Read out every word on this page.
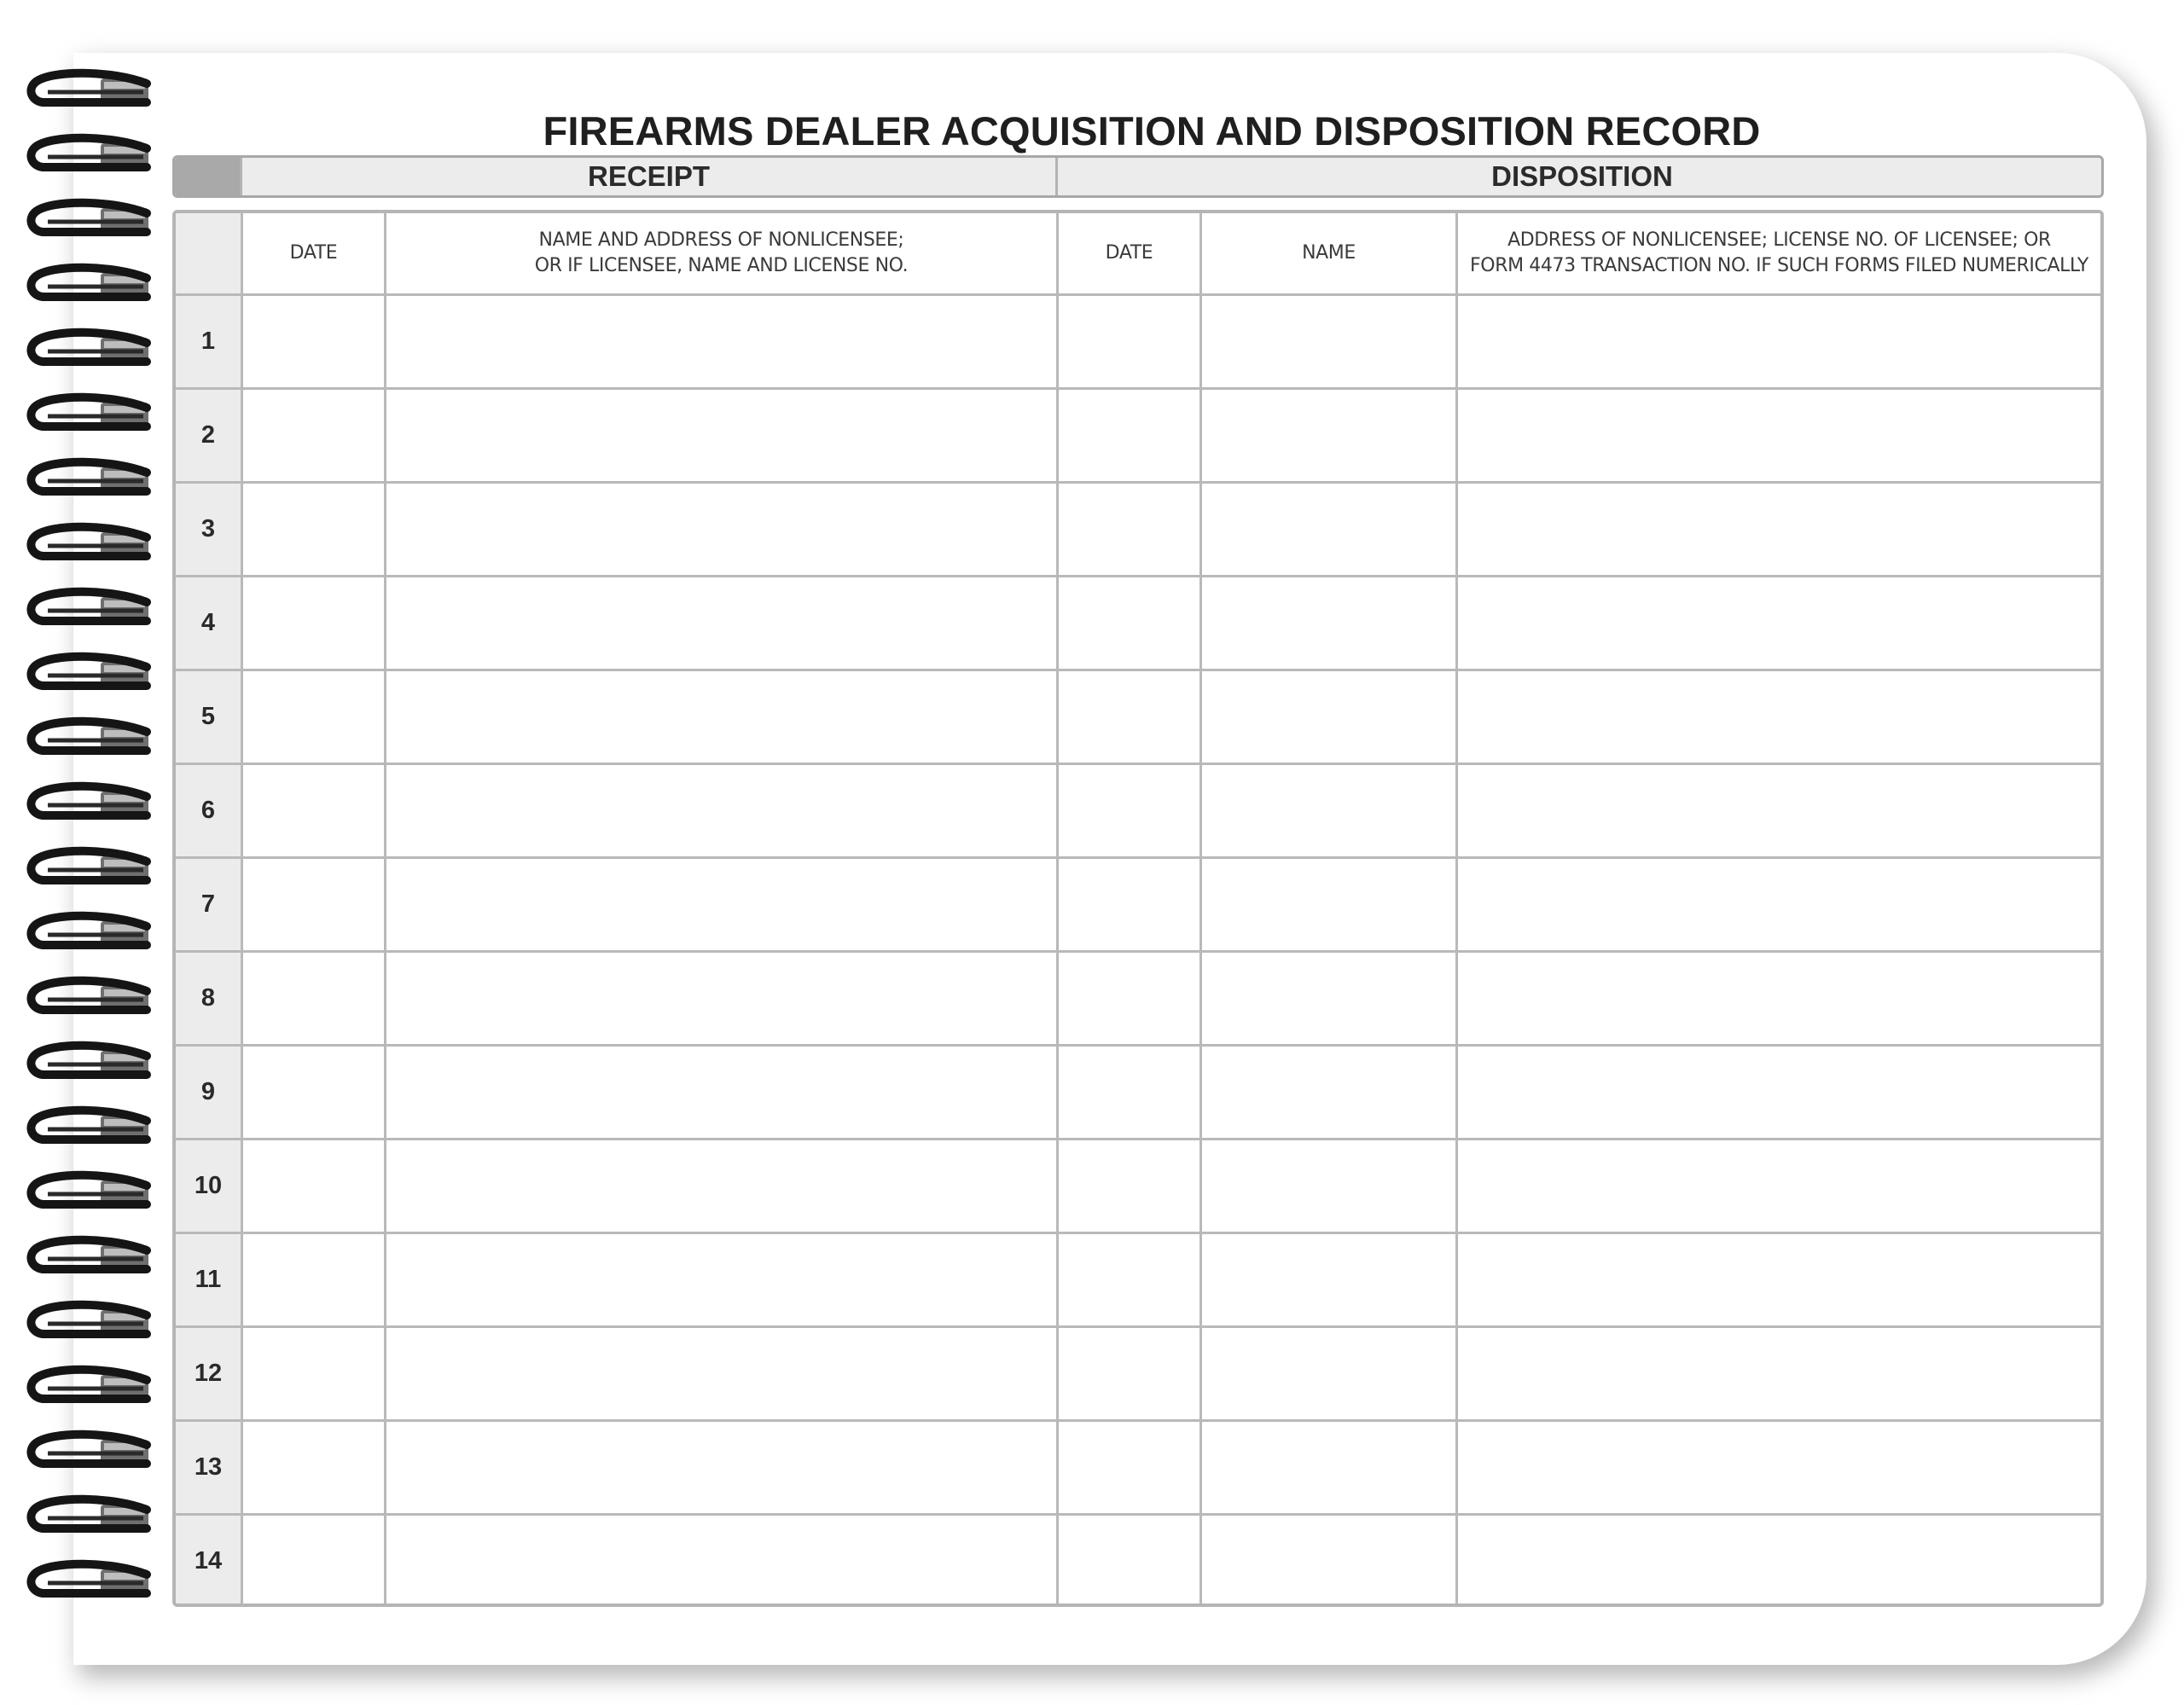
FIREARMS DEALER ACQUISITION AND DISPOSITION RECORD
RECEIPT	DISPOSITION
DATE
NAME AND ADDRESS OF NONLICENSEE;
OR IF LICENSEE, NAME AND LICENSE NO.
DATE	NAME
ADDRESS OF NONLICENSEE; LICENSE NO. OF LICENSEE; OR
FORM 4473 TRANSACTION NO. IF SUCH FORMS FILED NUMERICALLY
1
2
3
4
5
6
7
8
9
10
11
12
13
14
